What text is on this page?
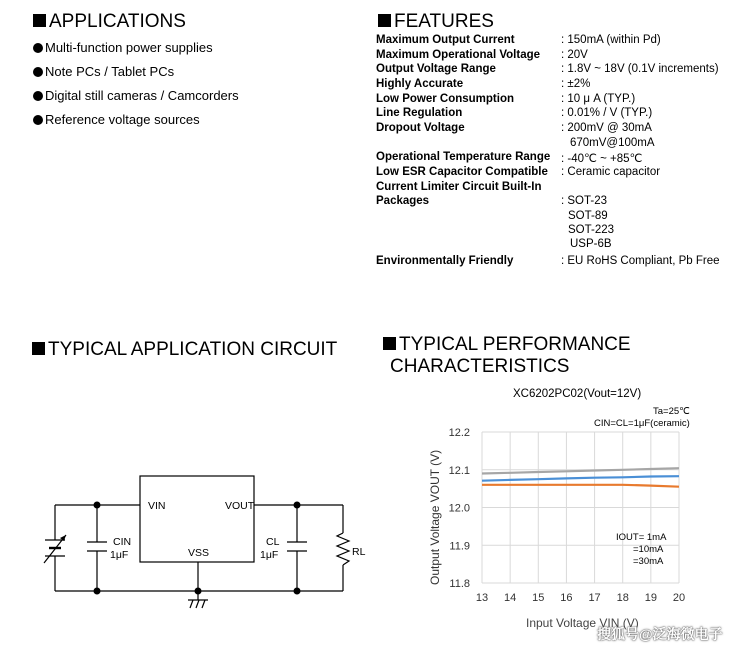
APPLICATIONS
Multi-function power supplies
Note PCs / Tablet PCs
Digital still cameras / Camcorders
Reference voltage sources
FEATURES
Maximum Output Current	: 150mA (within Pd)
Maximum Operational Voltage : 20V
Output Voltage Range	: 1.8V ~ 18V (0.1V increments)
Highly Accurate	: ±2%
Low Power Consumption	: 10 μ A (TYP.)
Line Regulation	: 0.01% / V (TYP.)
Dropout Voltage	: 200mV @ 30mA
670mV@100mA
Operational Temperature Range : -40℃ ~ +85℃
Low ESR Capacitor Compatible : Ceramic capacitor
Current Limiter Circuit Built-In
Packages	: SOT-23
SOT-89
SOT-223
USP-6B
Environmentally Friendly	: EU RoHS Compliant, Pb Free
TYPICAL APPLICATION CIRCUIT
VIN	VOUT
VSS
CIN
1μF
CL
1μF	RL
TYPICAL PERFORMANCE
CHARACTERISTICS
XC6202PC02(Vout=12V)
Ta=25℃
CIN=CL=1μF(ceramic)
13 14 15 16 17 18 19 20
11.8
11.9
12.0
12.1
12.2
Output Voltage VOUT (V)
Input Voltage VIN (V)
IOUT= 1mA
=10mA
=30mA
搜狐号@泛海微电子
